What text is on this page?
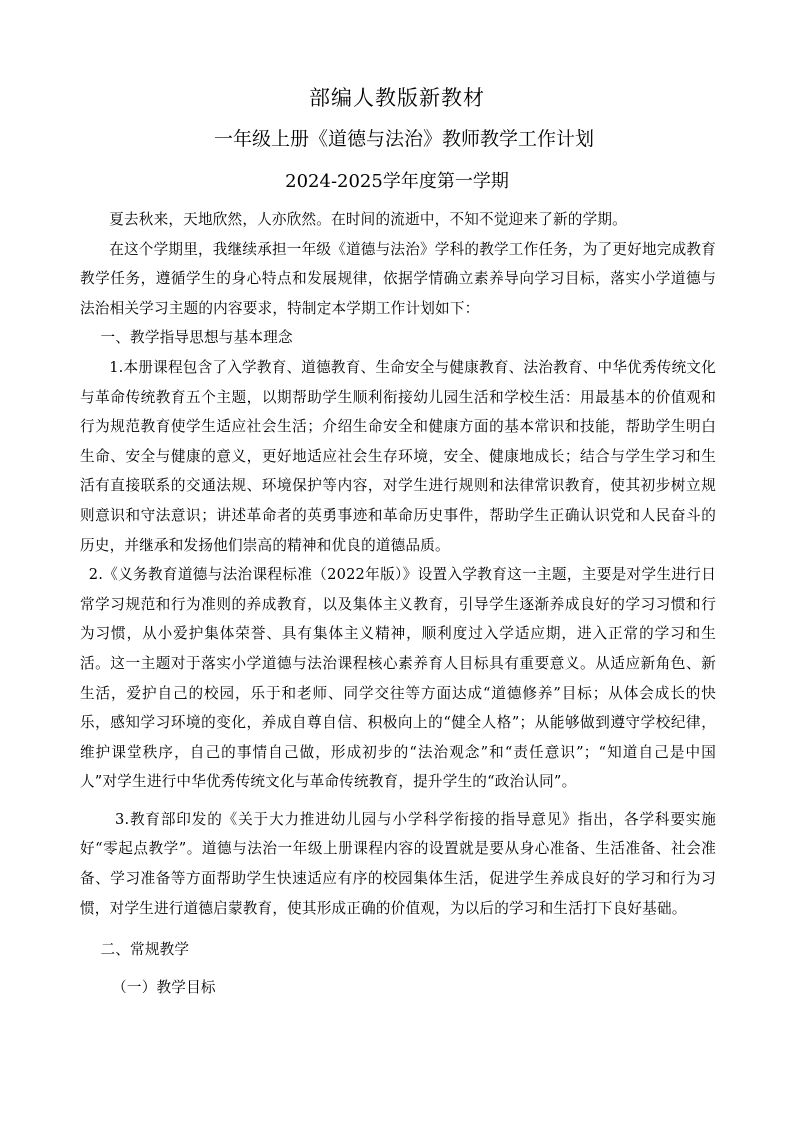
部编人教版新教材
一年级上册《道德与法治》教师教学工作计划
2024-2025学年度第一学期

夏去秋来，天地欣然，人亦欣然。在时间的流逝中，不知不觉迎来了新的学期。

在这个学期里，我继续承担一年级《道德与法治》学科的教学工作任务，为了更好地完成教育教学任务，遵循学生的身心特点和发展规律，依据学情确立素养导向学习目标，落实小学道德与法治相关学习主题的内容要求，特制定本学期工作计划如下：

一、教学指导思想与基本理念

1.本册课程包含了入学教育、道德教育、生命安全与健康教育、法治教育、中华优秀传统文化与革命传统教育五个主题，以期帮助学生顺利衔接幼儿园生活和学校生活：用最基本的价值观和行为规范教育使学生适应社会生活；介绍生命安全和健康方面的基本常识和技能，帮助学生明白生命、安全与健康的意义，更好地适应社会生存环境，安全、健康地成长；结合与学生学习和生活有直接联系的交通法规、环境保护等内容，对学生进行规则和法律常识教育，使其初步树立规则意识和守法意识；讲述革命者的英勇事迹和革命历史事件，帮助学生正确认识党和人民奋斗的历史，并继承和发扬他们崇高的精神和优良的道德品质。

2.《义务教育道德与法治课程标准（2022年版）》设置入学教育这一主题，主要是对学生进行日常学习规范和行为准则的养成教育，以及集体主义教育，引导学生逐渐养成良好的学习习惯和行为习惯，从小爱护集体荣誉、具有集体主义精神，顺利度过入学适应期，进入正常的学习和生活。这一主题对于落实小学道德与法治课程核心素养育人目标具有重要意义。从适应新角色、新生活，爱护自己的校园，乐于和老师、同学交往等方面达成“道德修养”目标；从体会成长的快乐，感知学习环境的变化，养成自尊自信、积极向上的“健全人格”；从能够做到遵守学校纪律，维护课堂秩序，自己的事情自己做，形成初步的“法治观念”和“责任意识”；“知道自己是中国人”对学生进行中华优秀传统文化与革命传统教育，提升学生的“政治认同”。

3.教育部印发的《关于大力推进幼儿园与小学科学衔接的指导意见》指出，各学科要实施好“零起点教学”。道德与法治一年级上册课程内容的设置就是要从身心准备、生活准备、社会准备、学习准备等方面帮助学生快速适应有序的校园集体生活，促进学生养成良好的学习和行为习惯，对学生进行道德启蒙教育，使其形成正确的价值观，为以后的学习和生活打下良好基础。

二、常规教学

（一）教学目标
